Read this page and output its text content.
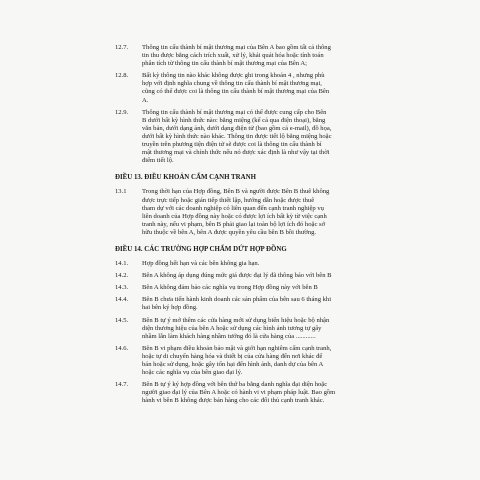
12.7.	Thông tin cấu thành bí mật thương mại của Bên A bao gồm tất cả thông
tin thu được bằng cách trích xuất, xử lý, khái quát hóa hoặc tính toán
phân tích từ thông tin cấu thành bí mật thương mại của Bên A;
12.8.	Bất kỳ thông tin nào khác không được ghi trong khoản 4 , nhưng phù
hợp với định nghĩa chung về thông tin cấu thành bí mật thương mại,
cũng có thể được coi là thông tin cấu thành bí mật thương mại của Bên
A.
12.9.	Thông tin cấu thành bí mật thương mại có thể được cung cấp cho Bên
B dưới bất kỳ hình thức nào: bằng miệng (kể cả qua điện thoại), bằng
văn bản, dưới dạng ảnh, dưới dạng điện tử (bao gồm cả e-mail), đồ họa,
dưới bất kỳ hình thức nào khác. Thông tin được tiết lộ bằng miệng hoặc
truyền trên phương tiện điện tử sẽ được coi là thông tin cấu thành bí
mật thương mại và chính thức nếu nó được xác định là như vậy tại thời
điểm tiết lộ.
ĐIỀU 13. ĐIỀU KHOẢN CẤM CẠNH TRANH
13.1	Trong thời hạn của Hợp đồng, Bên B và người được Bên B thuê không
được trực tiếp hoặc gián tiếp thiết lập, hướng dẫn hoặc được thuê
tham dự với các doanh nghiệp có liên quan đến cạnh tranh nghiệp vụ
liên doanh của Hợp đồng này hoặc có được lợi ích bất kỳ từ việc cạnh
tranh này, nếu vi phạm, bên B phải giao lại toàn bộ lợi ích đó hoặc sở
hữu thuộc về bên A, bên A được quyền yêu cầu bên B bồi thường.
ĐIỀU 14. CÁC TRƯỜNG HỢP CHẤM DỨT HỢP ĐỒNG
14.1.	Hợp đồng hết hạn và các bên không gia hạn.
14.2.	Bên A không áp dụng đúng mức giá được đại lý đã thông báo với bên B
14.3.	Bên A không đảm bảo các nghĩa vụ trong Hợp đồng này với bên B
14.4.	Bên B chưa tiến hành kinh doanh các sản phẩm của bên sau 6 tháng khi
hai bên ký hợp đồng.
14.5.	Bên B tự ý mở thêm các cửa hàng mới sử dụng biển hiệu hoặc bộ nhận
diện thương hiệu của bên A hoặc sử dụng các hình ảnh tương tự gây
nhầm lẫn làm khách hàng nhầm tưởng đó là cửa hàng của ............
14.6.	Bên B vi phạm điều khoản bảo mật và giới hạn nghiêm cấm cạnh tranh,
hoặc tự di chuyển hàng hóa và thiết bị của cửa hàng đến nơi khác để
bán hoặc sử dụng, hoặc gây tổn hại đến hình ảnh, danh dự của bên A
hoặc các nghĩa vụ của bên giao đại lý.
14.7.	Bên B tự ý ký hợp đồng với bên thứ ba bằng danh nghĩa đại diện hoặc
người giao đại lý của Bên A hoặc có hành vi vi phạm pháp luật. Bao gồm
hành vi bên B không được bán hàng cho các đối thủ cạnh tranh khác.
